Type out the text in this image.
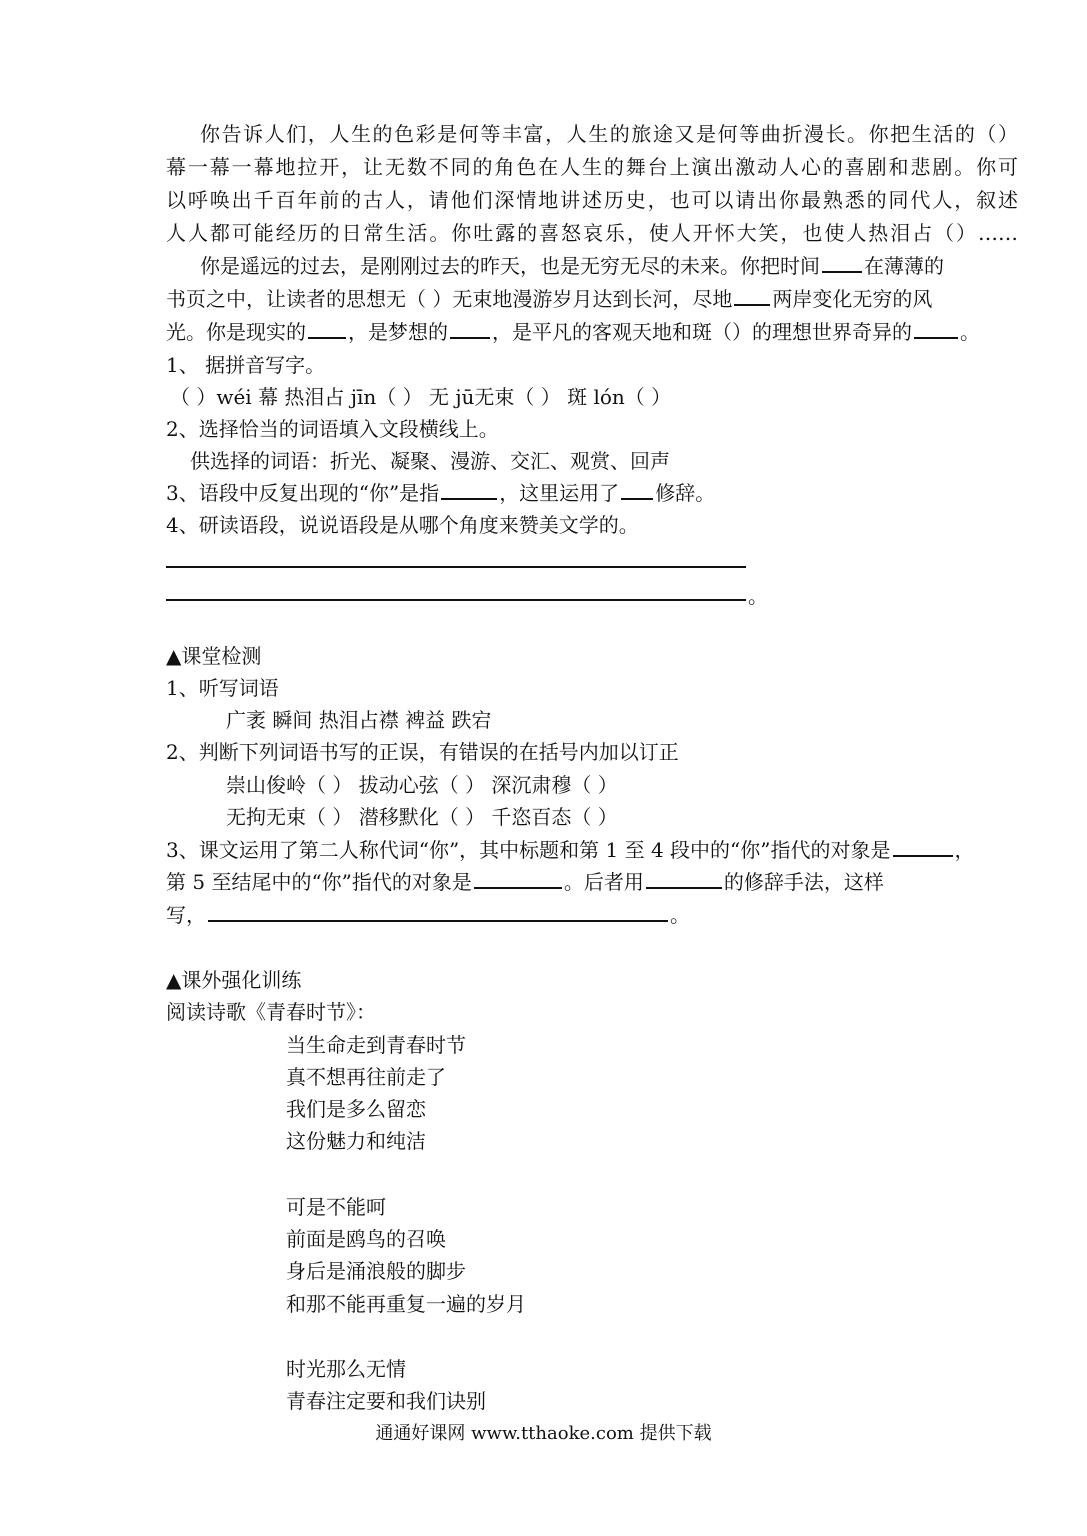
你告诉人们，人生的色彩是何等丰富，人生的旅途又是何等曲折漫长。你把生活的（）
幕一幕一幕地拉开，让无数不同的角色在人生的舞台上演出激动人心的喜剧和悲剧。你可
以呼唤出千百年前的古人，请他们深情地讲述历史，也可以请出你最熟悉的同代人，叙述
人人都可能经历的日常生活。你吐露的喜怒哀乐，使人开怀大笑，也使人热泪占（）……
你是遥远的过去，是刚刚过去的昨天，也是无穷无尽的未来。你把时间 在薄薄的
书页之中，让读者的思想无（ ）无束地漫游岁月达到长河，尽地 两岸变化无穷的风
光。你是现实的 ，是梦想的 ，是平凡的客观天地和斑（）的理想世界奇异的 。
1、 据拼音写字。
（ ）wéi 幕 热泪占 jīn（ ） 无 jū无束（ ） 斑 lón（ ）
2、选择恰当的词语填入文段横线上。
供选择的词语：折光、凝聚、漫游、交汇、观赏、回声
3、语段中反复出现的“你”是指	，这里运用了 修辞。
4、研读语段，说说语段是从哪个角度来赞美文学的。
。
▲ 课堂检测
1、听写词语
广袤 瞬间 热泪占襟 裨益 跌宕
2、判断下列词语书写的正误，有错误的在括号内加以订正
崇山俊岭（ ） 拔动心弦（ ） 深沉肃穆（ ）
无拘无束（ ） 潜移默化（ ） 千恣百态（ ）
3、课文运用了第二人称代词“你”，其中标题和第 1 至 4 段中的“你”指代的对象是	，
第 5 至结尾中的“你”指代的对象是	。后者用	的修辞手法，这样
写，	。
▲ 课外强化训练
阅读诗歌《青春时节》：
当生命走到青春时节
真不想再往前走了
我们是多么留恋
这份魅力和纯洁
可是不能呵
前面是鸥鸟的召唤
身后是涌浪般的脚步
和那不能再重复一遍的岁月
时光那么无情
青春注定要和我们诀别
通通好课网 www.tthaoke.com 提供下载
